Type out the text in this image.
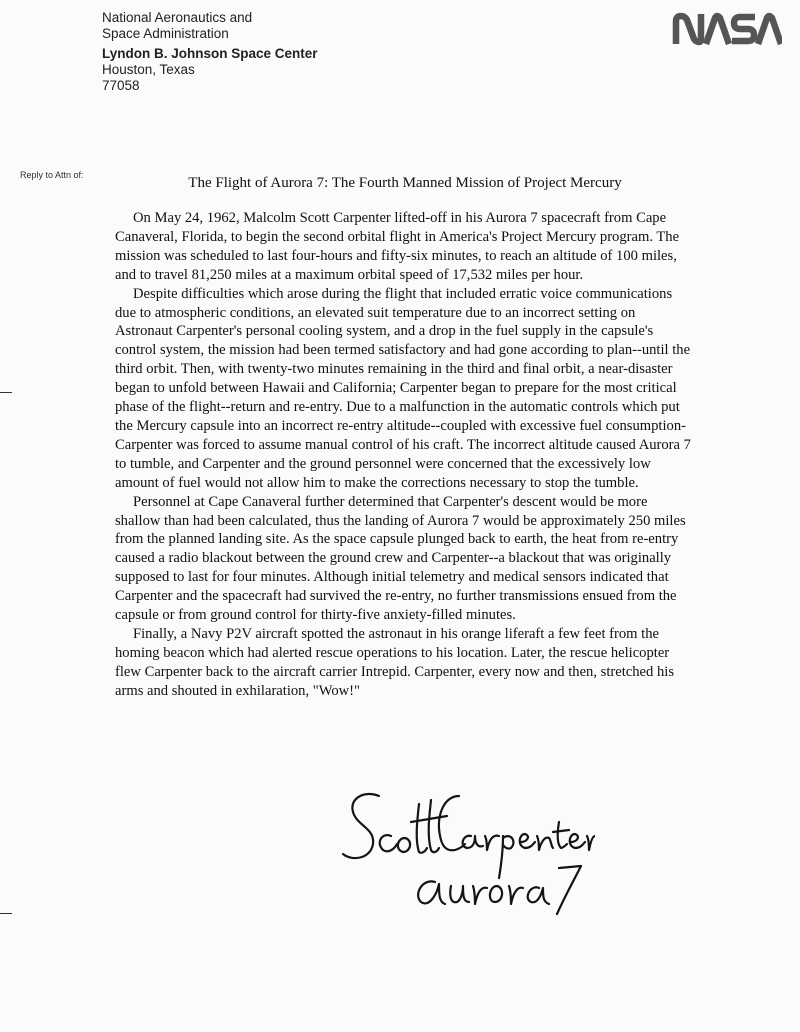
National Aeronautics and
Space Administration
Lyndon B. Johnson Space Center
Houston, Texas
77058
Reply to Attn of:	The Flight of Aurora 7: The Fourth Manned Mission of Project Mercury

On May 24, 1962, Malcolm Scott Carpenter lifted-off in his Aurora 7 spacecraft from Cape Canaveral, Florida, to begin the second orbital flight in America's Project Mercury program. The mission was scheduled to last four-hours and fifty-six minutes, to reach an altitude of 100 miles, and to travel 81,250 miles at a maximum orbital speed of 17,532 miles per hour.

Despite difficulties which arose during the flight that included erratic voice communications due to atmospheric conditions, an elevated suit temperature due to an incorrect setting on Astronaut Carpenter's personal cooling system, and a drop in the fuel supply in the capsule's control system, the mission had been termed satisfactory and had gone according to plan--until the third orbit. Then, with twenty-two minutes remaining in the third and final orbit, a near-disaster began to unfold between Hawaii and California; Carpenter began to prepare for the most critical phase of the flight--return and re-entry. Due to a malfunction in the automatic controls which put the Mercury capsule into an incorrect re-entry altitude--coupled with excessive fuel consumption- Carpenter was forced to assume manual control of his craft. The incorrect altitude caused Aurora 7 to tumble, and Carpenter and the ground personnel were concerned that the excessively low amount of fuel would not allow him to make the corrections necessary to stop the tumble.

Personnel at Cape Canaveral further determined that Carpenter's descent would be more shallow than had been calculated, thus the landing of Aurora 7 would be approximately 250 miles from the planned landing site. As the space capsule plunged back to earth, the heat from re-entry caused a radio blackout between the ground crew and Carpenter--a blackout that was originally supposed to last for four minutes. Although initial telemetry and medical sensors indicated that Carpenter and the spacecraft had survived the re-entry, no further transmissions ensued from the capsule or from ground control for thirty-five anxiety-filled minutes.

Finally, a Navy P2V aircraft spotted the astronaut in his orange liferaft a few feet from the homing beacon which had alerted rescue operations to his location. Later, the rescue helicopter flew Carpenter back to the aircraft carrier Intrepid. Carpenter, every now and then, stretched his arms and shouted in exhilaration, "Wow!"
